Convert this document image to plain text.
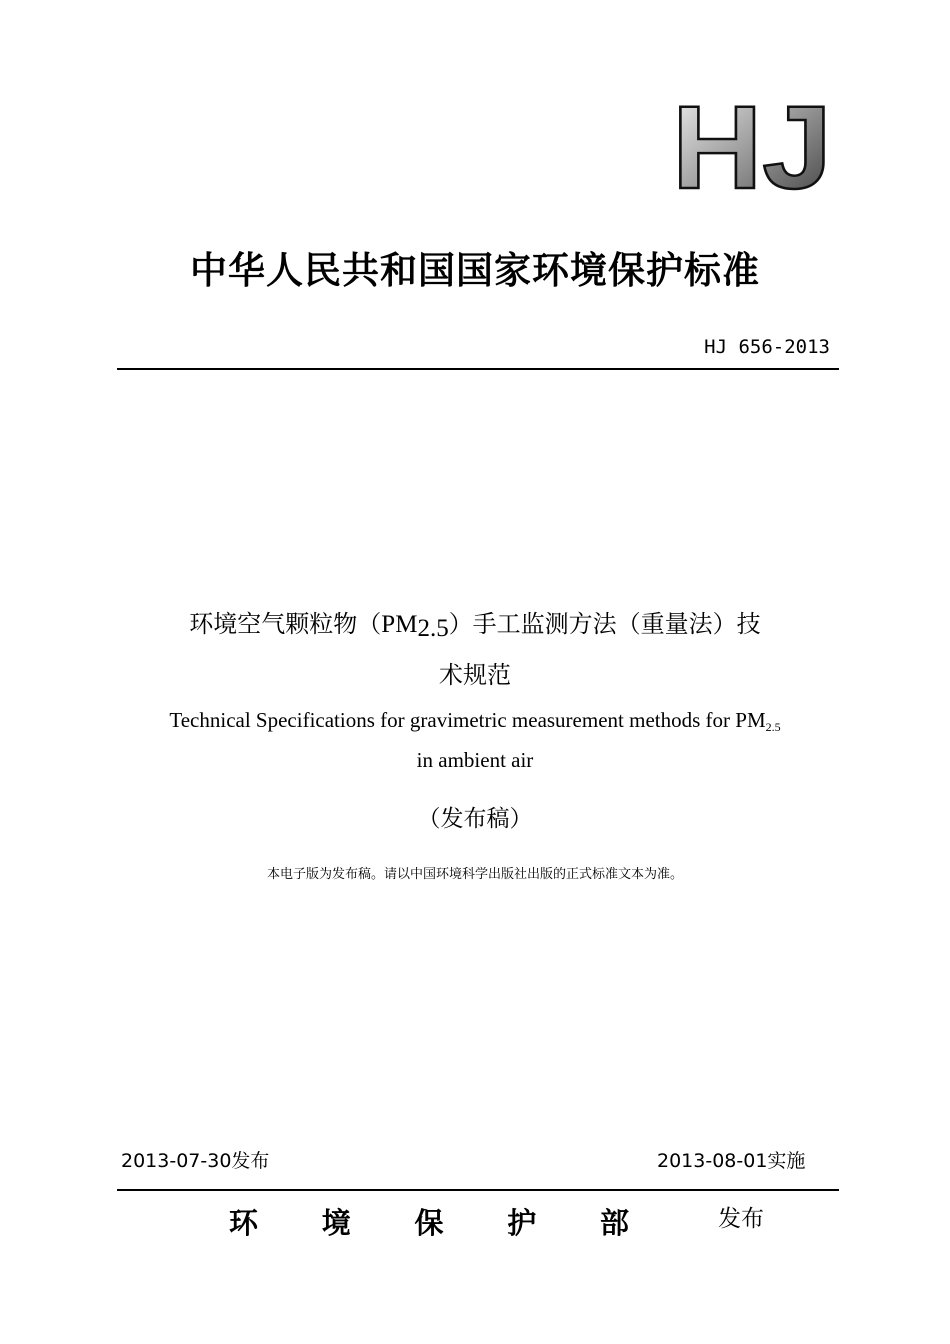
HJ
中华人民共和国国家环境保护标准
HJ 656-2013
环境空气颗粒物$(PM_{2.5})$手工监测方法（重量法）技
术规范
Technical Specifications for gravimetric measurement methods for $PM_{2.5}$
in ambient air
（发布稿）
本电子版为发布稿。请以中国环境科学出版社出版的正式标准文本为准。
2013-07-30发布	2013-08-01实施
环 境 保 护 部	发布
